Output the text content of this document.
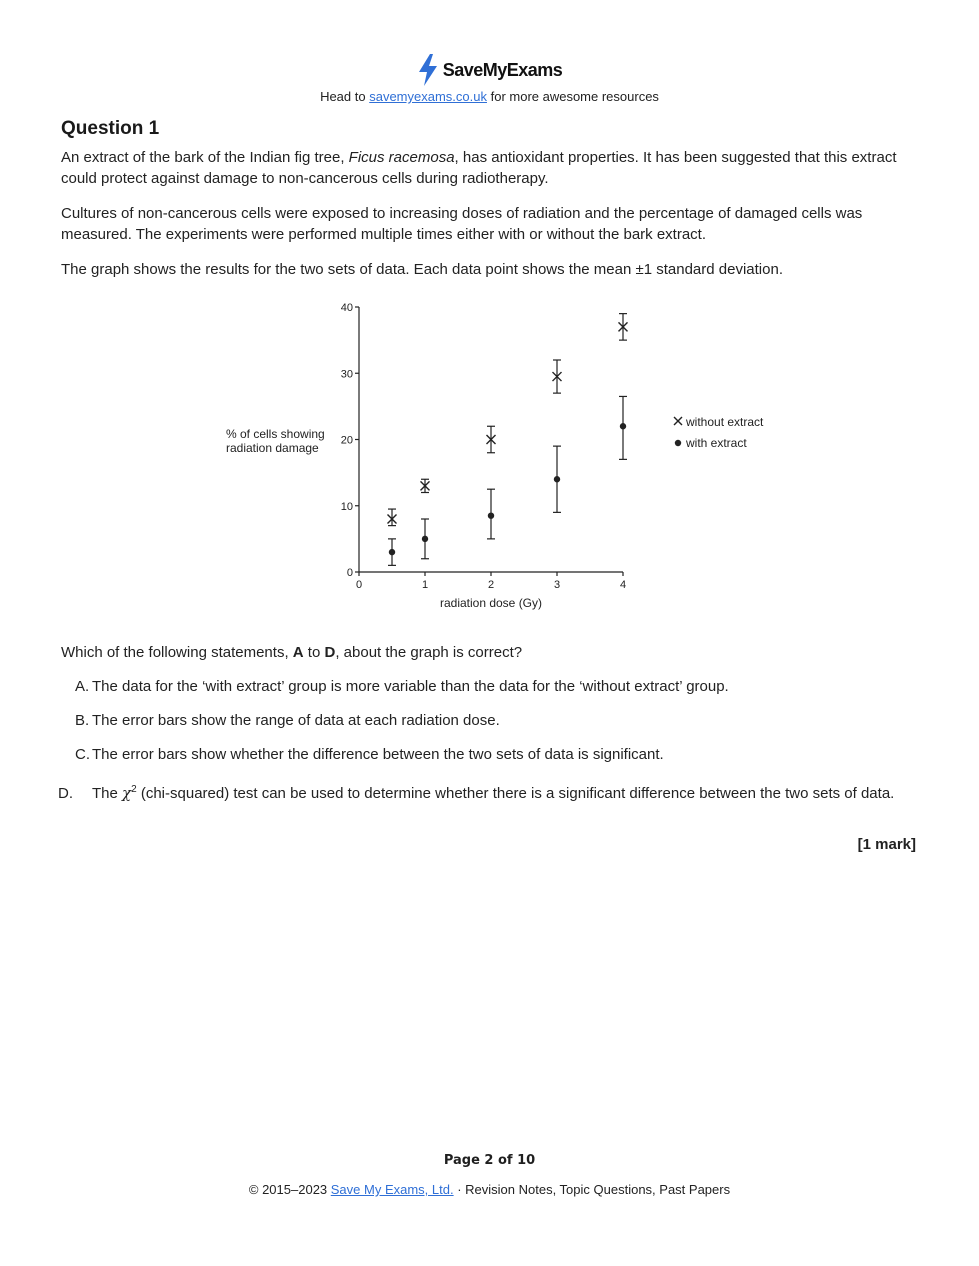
SaveMyExams
Head to savemyexams.co.uk for more awesome resources
Question 1
An extract of the bark of the Indian fig tree, Ficus racemosa, has antioxidant properties. It has been suggested that this extract could protect against damage to non-cancerous cells during radiotherapy.
Cultures of non-cancerous cells were exposed to increasing doses of radiation and the percentage of damaged cells was measured. The experiments were performed multiple times either with or without the bark extract.
The graph shows the results for the two sets of data. Each data point shows the mean ±1 standard deviation.
0
10
20
30
40
0	1	2	3	4
% of cells showing
radiation damage
radiation dose (Gy)
without extract
with extract
Which of the following statements, A to D, about the graph is correct?
A. The data for the ‘with extract’ group is more variable than the data for the ‘without extract’ group.
B. The error bars show the range of data at each radiation dose.
C. The error bars show whether the difference between the two sets of data is significant.
D. The $\chi^2$ (chi-squared) test can be used to determine whether there is a significant difference between the two sets of data.
[1 mark]
Page 2 of 10
© 2015–2023 Save My Exams, Ltd. · Revision Notes, Topic Questions, Past Papers
